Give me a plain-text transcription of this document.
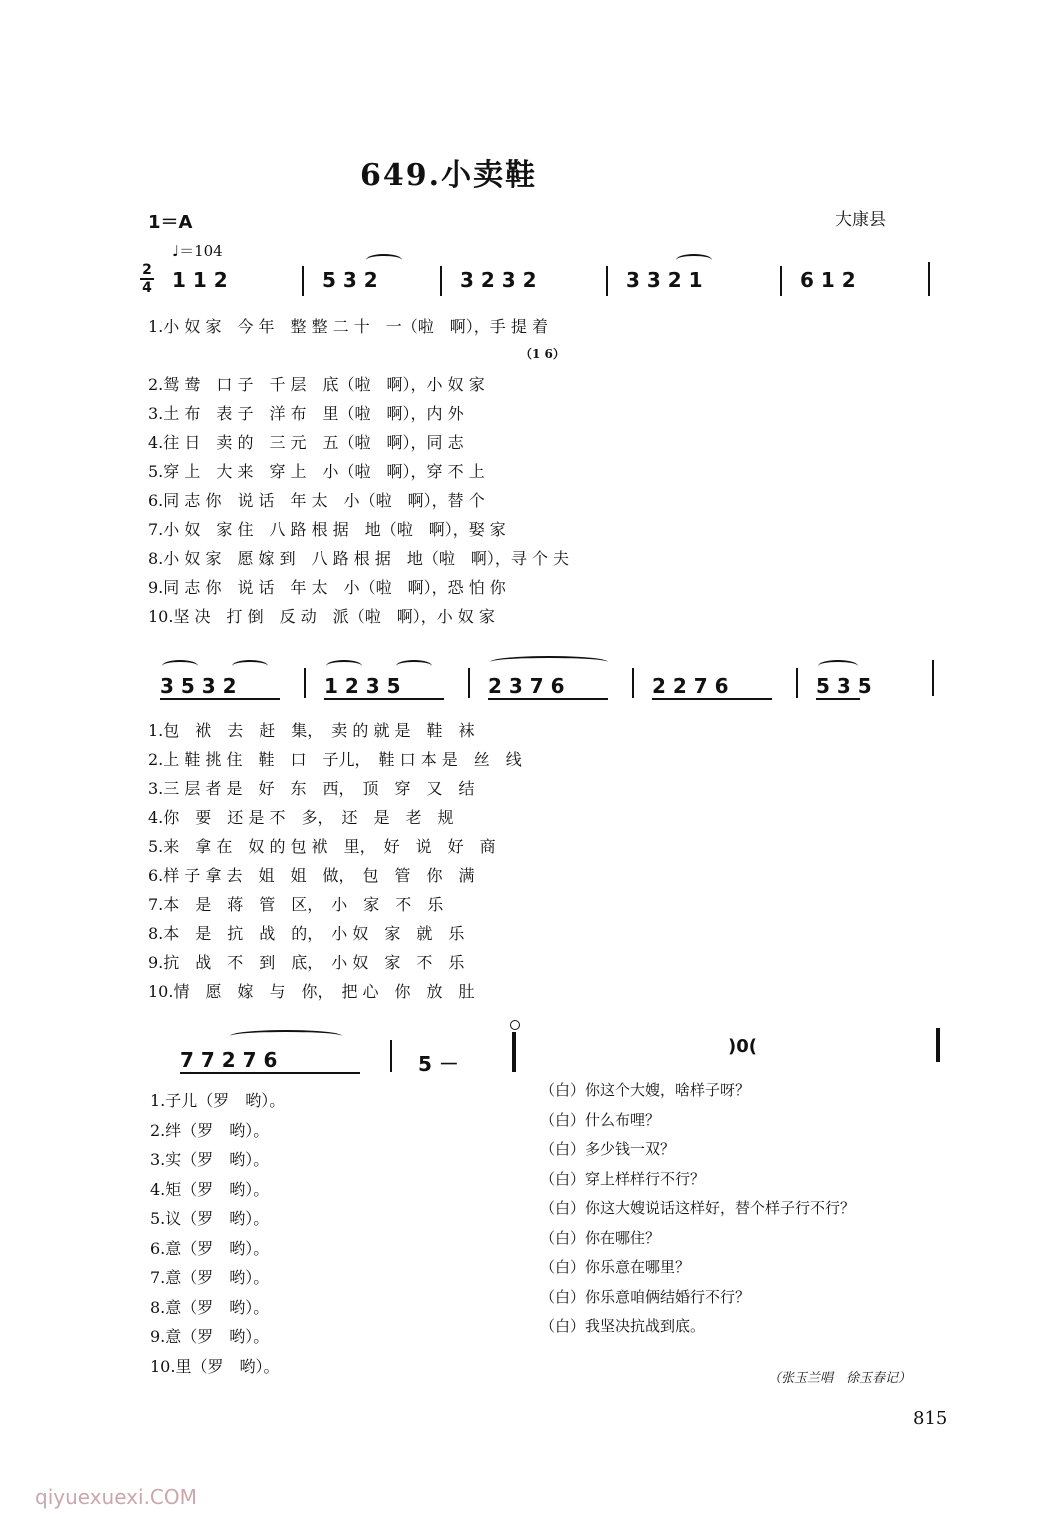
649.小卖鞋
1＝A
♩＝104
大康县
2
4 1 1 2	5 3 2	3 2 3 2	3 3 2 1	6 1 2
1.小 奴 家　今 年　整 整 二 十　一（啦　啊），手 提 着
2.鸳 鸯　口 子　千 层　底（啦　啊），小 奴 家
3.土 布　表 子　洋 布　里（啦　啊），内 外
4.往 日　卖 的　三 元　五（啦　啊），同 志
5.穿 上　大 来　穿 上　小（啦　啊），穿 不 上
6.同 志 你　说 话　年 太　小（啦　啊），替 个
7.小 奴　家 住　八 路 根 据　地（啦　啊），娶 家
8.小 奴 家　愿 嫁 到　八 路 根 据　地（啦　啊），寻 个 夫
9.同 志 你　说 话　年 太　小（啦　啊），恐 怕 你
10.坚 决　打 倒　反 动　派（啦　啊），小 奴 家
（1 6）
3 5 3 2	1 2 3 5	2 3 7 6	2 2 7 6	5 3 5
1.包　袱　去　赶　集，　卖 的 就 是　鞋　袜
2.上 鞋 挑 住　鞋　口　子儿，　鞋 口 本 是　丝　线
3.三 层 者 是　好　东　西，　顶　穿　又　结
4.你　要　还 是 不　多，　还　是　老　规
5.来　拿 在　奴 的 包 袱　里，　好　说　好　商
6.样 子 拿 去　姐　姐　做，　包　管　你　满
7.本　是　蒋　管　区，　小　家　不　乐
8.本　是　抗　战　的，　小 奴　家　就　乐
9.抗　战　不　到　底，　小 奴　家　不　乐
10.情　愿　嫁　与　你，　把 心　你　放　肚
7 7 2 7 6	5 －
)0(
1.子儿（罗　哟）。
2.绊（罗　哟）。
3.实（罗　哟）。
4.矩（罗　哟）。
5.议（罗　哟）。
6.意（罗　哟）。
7.意（罗　哟）。
8.意（罗　哟）。
9.意（罗　哟）。
10.里（罗　哟）。
（白）你这个大嫂，啥样子呀？
（白）什么布哩？
（白）多少钱一双？
（白）穿上样样行不行？
（白）你这大嫂说话这样好，替个样子行不行？
（白）你在哪住？
（白）你乐意在哪里？
（白）你乐意咱俩结婚行不行？
（白）我坚决抗战到底。
（张玉兰唱　徐玉春记）
815
qiyuexuexi.COM
